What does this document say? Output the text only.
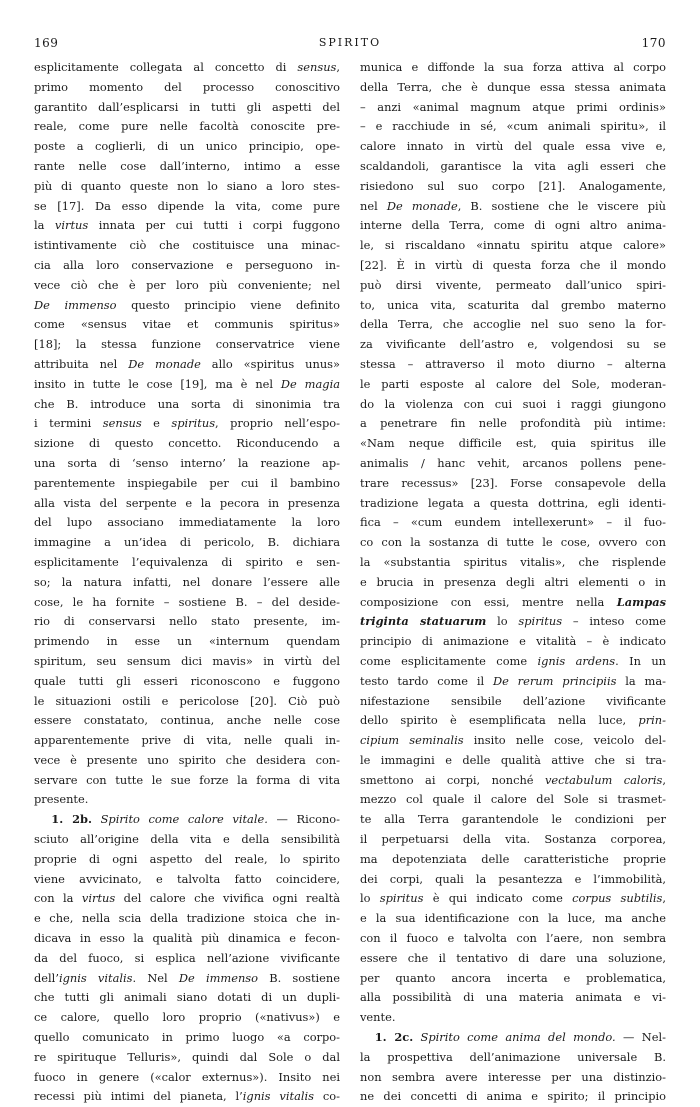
169	SPIRITO	170
esplicitamente collegata al concetto di sensus,
primo momento del processo conoscitivo
garantito dall’esplicarsi in tutti gli aspetti del
reale, come pure nelle facoltà conoscite pre-
poste a coglierli, di un unico principio, ope-
rante nelle cose dall’interno, intimo a esse
più di quanto queste non lo siano a loro stes-
se [17]. Da esso dipende la vita, come pure
la virtus innata per cui tutti i corpi fuggono
istintivamente ciò che costituisce una minac-
cia alla loro conservazione e perseguono in-
vece ciò che è per loro più conveniente; nel
De immenso questo principio viene definito
come «sensus vitae et communis spiritus»
[18]; la stessa funzione conservatrice viene
attribuita nel De monade allo «spiritus unus»
insito in tutte le cose [19], ma è nel De magia
che B. introduce una sorta di sinonimia tra
i termini sensus e spiritus, proprio nell’espo-
sizione di questo concetto. Riconducendo a
una sorta di ‘senso interno’ la reazione ap-
parentemente inspiegabile per cui il bambino
alla vista del serpente e la pecora in presenza
del lupo associano immediatamente la loro
immagine a un’idea di pericolo, B. dichiara
esplicitamente l’equivalenza di spirito e sen-
so; la natura infatti, nel donare l’essere alle
cose, le ha fornite – sostiene B. – del deside-
rio di conservarsi nello stato presente, im-
primendo in esse un «internum quendam
spiritum, seu sensum dici mavis» in virtù del
quale tutti gli esseri riconoscono e fuggono
le situazioni ostili e pericolose [20]. Ciò può
essere constatato, continua, anche nelle cose
apparentemente prive di vita, nelle quali in-
vece è presente uno spirito che desidera con-
servare con tutte le sue forze la forma di vita
presente.
1. 2b. Spirito come calore vitale. — Ricono-
sciuto all’origine della vita e della sensibilità
proprie di ogni aspetto del reale, lo spirito
viene avvicinato, e talvolta fatto coincidere,
con la virtus del calore che vivifica ogni realtà
e che, nella scia della tradizione stoica che in-
dicava in esso la qualità più dinamica e fecon-
da del fuoco, si esplica nell’azione vivificante
dell’ignis vitalis. Nel De immenso B. sostiene
che tutti gli animali siano dotati di un dupli-
ce calore, quello loro proprio («nativus») e
quello comunicato in primo luogo «a corpo-
re spirituque Telluris», quindi dal Sole o dal
fuoco in genere («calor externus»). Insito nei
recessi più intimi del pianeta, l’ignis vitalis co-
munica e diffonde la sua forza attiva al corpo
della Terra, che è dunque essa stessa animata
– anzi «animal magnum atque primi ordinis»
– e racchiude in sé, «cum animali spiritu», il
calore innato in virtù del quale essa vive e,
scaldandoli, garantisce la vita agli esseri che
risiedono sul suo corpo [21]. Analogamente,
nel De monade, B. sostiene che le viscere più
interne della Terra, come di ogni altro anima-
le, si riscaldano «innatu spiritu atque calore»
[22]. È in virtù di questa forza che il mondo
può dirsi vivente, permeato dall’unico spiri-
to, unica vita, scaturita dal grembo materno
della Terra, che accoglie nel suo seno la for-
za vivificante dell’astro e, volgendosi su se
stessa – attraverso il moto diurno – alterna
le parti esposte al calore del Sole, moderan-
do la violenza con cui suoi i raggi giungono
a penetrare fin nelle profondità più intime:
«Nam neque difficile est, quia spiritus ille
animalis / hanc vehit, arcanos pollens pene-
trare recessus» [23]. Forse consapevole della
tradizione legata a questa dottrina, egli identi-
fica – «cum eundem intellexerunt» – il fuo-
co con la sostanza di tutte le cose, ovvero con
la «substantia spiritus vitalis», che risplende
e brucia in presenza degli altri elementi o in
composizione con essi, mentre nella Lampas
triginta statuarum lo spiritus – inteso come
principio di animazione e vitalità – è indicato
come esplicitamente come ignis ardens. In un
testo tardo come il De rerum principiis la ma-
nifestazione sensibile dell’azione vivificante
dello spirito è esemplificata nella luce, prin-
cipium seminalis insito nelle cose, veicolo del-
le immagini e delle qualità attive che si tra-
smettono ai corpi, nonché vectabulum caloris,
mezzo col quale il calore del Sole si trasmet-
te alla Terra garantendole le condizioni per
il perpetuarsi della vita. Sostanza corporea,
ma depotenziata delle caratteristiche proprie
dei corpi, quali la pesantezza e l’immobilità,
lo spiritus è qui indicato come corpus subtilis,
e la sua identificazione con la luce, ma anche
con il fuoco e talvolta con l’aere, non sembra
essere che il tentativo di dare una soluzione,
per quanto ancora incerta e problematica,
alla possibilità di una materia animata e vi-
vente.
1. 2c. Spirito come anima del mondo. — Nel-
la prospettiva dell’animazione universale B.
non sembra avere interesse per una distinzio-
ne dei concetti di anima e spirito; il principio
